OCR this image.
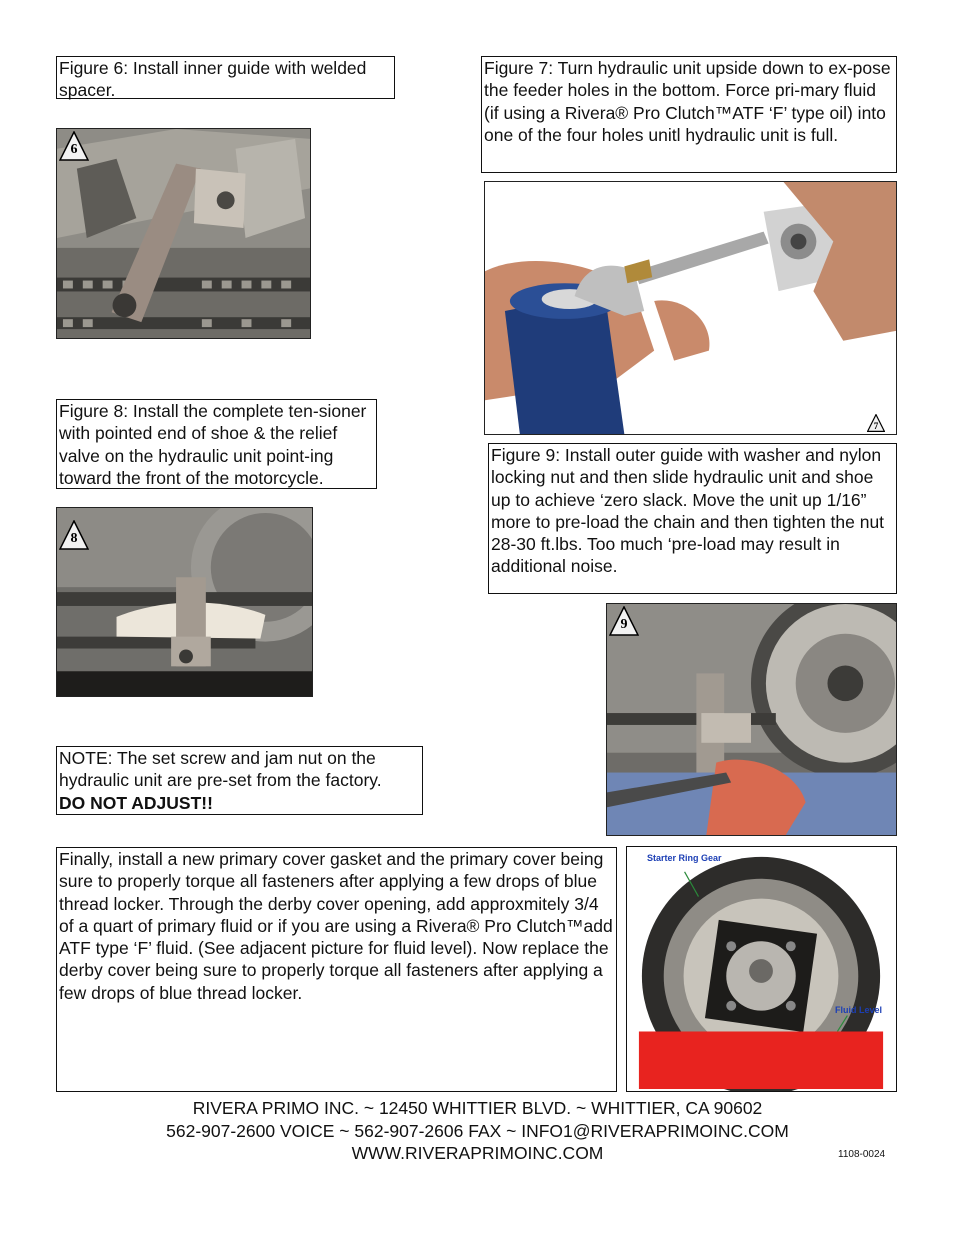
Figure 6: Install inner guide with welded spacer.

6

Figure 7: Turn hydraulic unit upside down to ex-pose the feeder holes in the bottom. Force pri-mary fluid (if using a Rivera® Pro Clutch™ATF ‘F’ type oil) into one of the four holes unitl hydraulic unit is full.

7

Figure 8: Install the complete ten-sioner with pointed end of shoe & the relief valve on the hydraulic unit point-ing toward the front of the motorcycle.

8

Figure 9: Install outer guide with washer and nylon locking nut and then slide hydraulic unit and shoe up to achieve ‘zero slack. Move the unit up 1/16” more to pre-load the chain and then tighten the nut 28-30 ft.lbs. Too much ‘pre-load may result in additional noise.

9

NOTE: The set screw and jam nut on the hydraulic unit are pre-set from the factory.

DO NOT ADJUST!!

Finally, install a new primary cover gasket and the primary cover being sure to properly torque all fasteners after applying a few drops of blue thread locker. Through the derby cover opening, add approxmitely 3/4 of a quart of primary fluid or if you are using a Rivera® Pro Clutch™add ATF type ‘F’ fluid. (See adjacent picture for fluid level). Now replace the derby cover being sure to properly torque all fasteners after applying a few drops of blue thread locker.

Starter Ring Gear
Fluid Level
RIVERA PRIMO INC. ~ 12450 WHITTIER BLVD. ~ WHITTIER, CA 90602
562-907-2600 VOICE ~ 562-907-2606 FAX ~ INFO1@RIVERAPRIMOINC.COM
WWW.RIVERAPRIMOINC.COM	1108-0024
